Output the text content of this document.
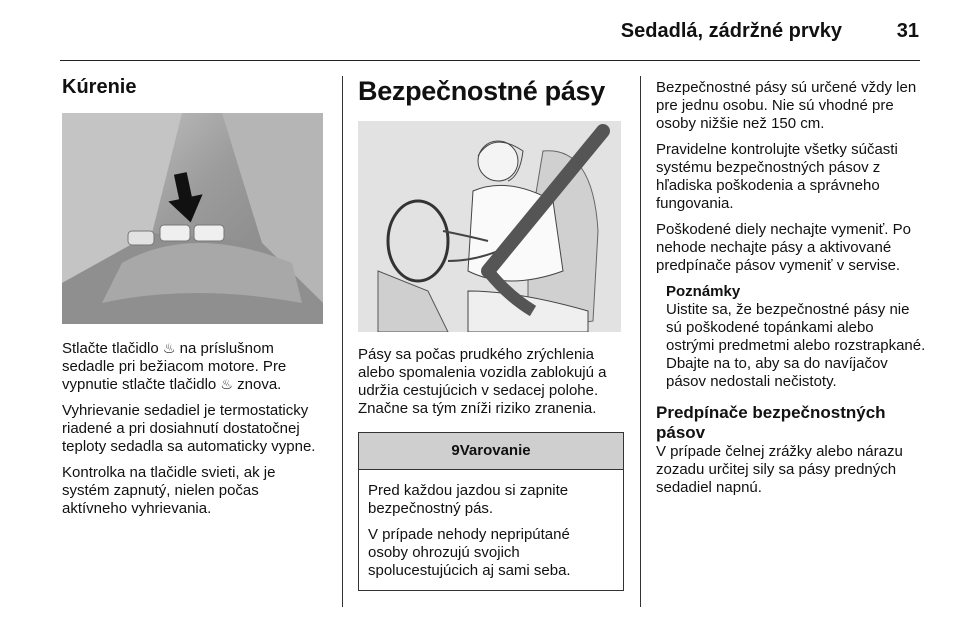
Sedadlá, zádržné prvky	31
Kúrenie

Stlačte tlačidlo ♨ na príslušnom sedadle pri bežiacom motore. Pre vypnutie stlačte tlačidlo ♨ znova.

Vyhrievanie sedadiel je termostaticky riadené a pri dosiahnutí dostatočnej teploty sedadla sa automaticky vypne.

Kontrolka na tlačidle svieti, ak je systém zapnutý, nielen počas aktívneho vyhrievania.

Bezpečnostné pásy

Pásy sa počas prudkého zrýchlenia alebo spomalenia vozidla zablokujú a udržia cestujúcich v sedacej polohe. Značne sa tým zníži riziko zranenia.

9Varovanie

Pred každou jazdou si zapnite bezpečnostný pás.

V prípade nehody nepripútané osoby ohrozujú svojich spolucestujúcich aj sami seba.

Bezpečnostné pásy sú určené vždy len pre jednu osobu. Nie sú vhodné pre osoby nižšie než 150 cm.

Pravidelne kontrolujte všetky súčasti systému bezpečnostných pásov z hľadiska poškodenia a správneho fungovania.

Poškodené diely nechajte vymeniť. Po nehode nechajte pásy a aktivované predpínače pásov vymeniť v servise.

Poznámky

Uistite sa, že bezpečnostné pásy nie sú poškodené topánkami alebo ostrými predmetmi alebo rozstrapkané. Dbajte na to, aby sa do navíjačov pásov nedostali nečistoty.

Predpínače bezpečnostných pásov

V prípade čelnej zrážky alebo nárazu zozadu určitej sily sa pásy predných sedadiel napnú.
